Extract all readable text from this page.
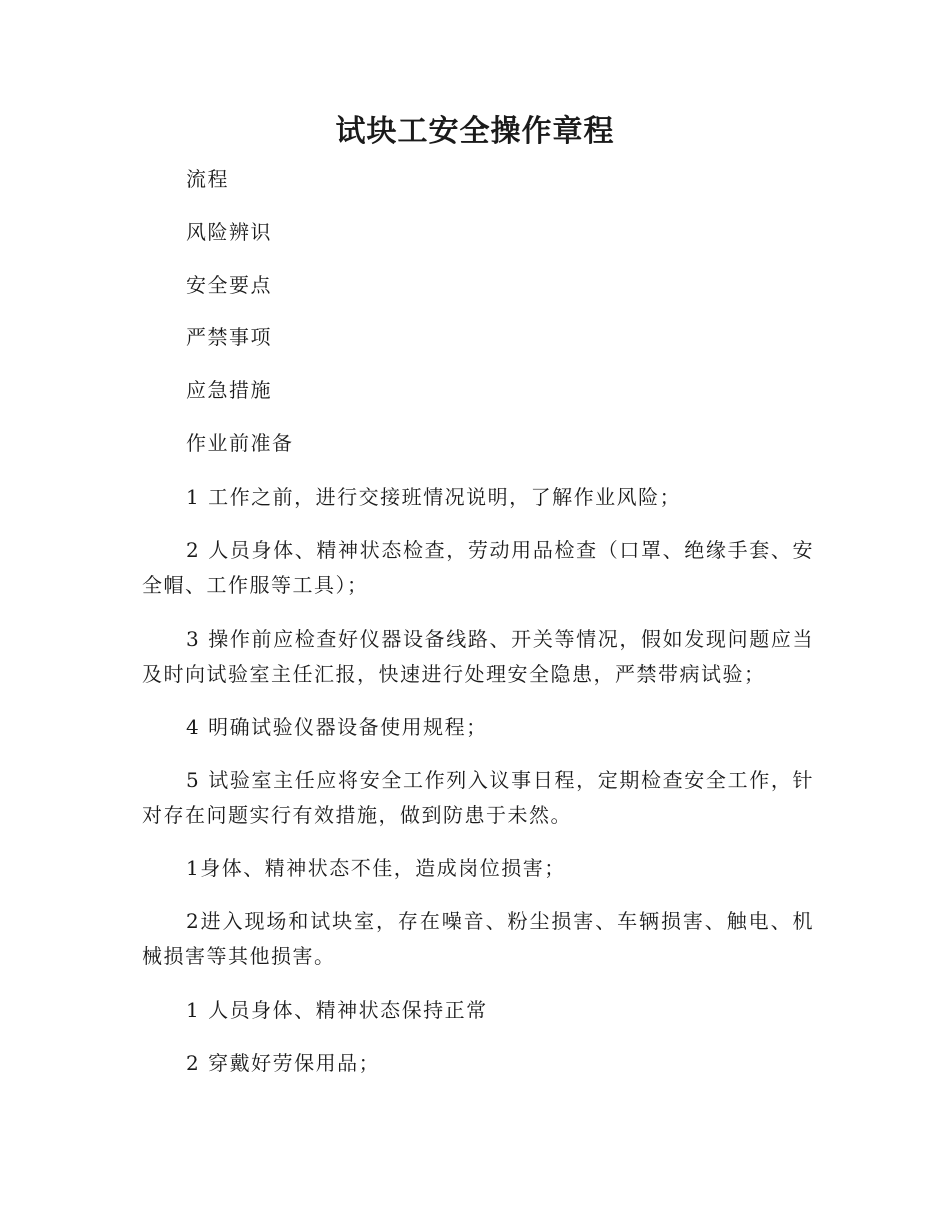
试块工安全操作章程

流程

风险辨识

安全要点

严禁事项

应急措施

作业前准备

1 工作之前，进行交接班情况说明，了解作业风险；

2 人员身体、精神状态检查，劳动用品检查（口罩、绝缘手套、安全帽、工作服等工具）；

3 操作前应检查好仪器设备线路、开关等情况，假如发现问题应当及时向试验室主任汇报，快速进行处理安全隐患，严禁带病试验；

4 明确试验仪器设备使用规程；

5 试验室主任应将安全工作列入议事日程，定期检查安全工作，针对存在问题实行有效措施，做到防患于未然。

1身体、精神状态不佳，造成岗位损害；

2进入现场和试块室，存在噪音、粉尘损害、车辆损害、触电、机械损害等其他损害。

1 人员身体、精神状态保持正常

2 穿戴好劳保用品；
